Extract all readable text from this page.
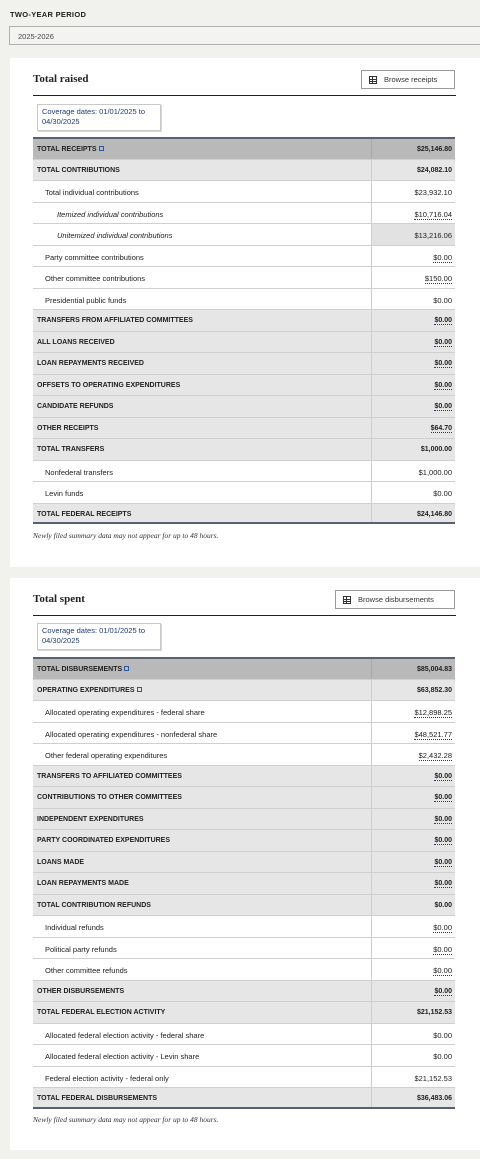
TWO-YEAR PERIOD
2025-2026
Total raised	Browse receipts
Coverage dates: 01/01/2025 to 04/30/2025
TOTAL RECEIPTS	$25,146.80
TOTAL CONTRIBUTIONS	$24,082.10
Total individual contributions	$23,932.10
Itemized individual contributions	$10,716.04
Unitemized individual contributions	$13,216.06
Party committee contributions	$0.00
Other committee contributions	$150.00
Presidential public funds	$0.00
TRANSFERS FROM AFFILIATED COMMITTEES	$0.00
ALL LOANS RECEIVED	$0.00
LOAN REPAYMENTS RECEIVED	$0.00
OFFSETS TO OPERATING EXPENDITURES	$0.00
CANDIDATE REFUNDS	$0.00
OTHER RECEIPTS	$64.70
TOTAL TRANSFERS	$1,000.00
Nonfederal transfers	$1,000.00
Levin funds	$0.00
TOTAL FEDERAL RECEIPTS	$24,146.80
Newly filed summary data may not appear for up to 48 hours.
Total spent	Browse disbursements
Coverage dates: 01/01/2025 to 04/30/2025
TOTAL DISBURSEMENTS	$85,004.83
OPERATING EXPENDITURES	$63,852.30
Allocated operating expenditures - federal share	$12,898.25
Allocated operating expenditures - nonfederal share	$48,521.77
Other federal operating expenditures	$2,432.28
TRANSFERS TO AFFILIATED COMMITTEES	$0.00
CONTRIBUTIONS TO OTHER COMMITTEES	$0.00
INDEPENDENT EXPENDITURES	$0.00
PARTY COORDINATED EXPENDITURES	$0.00
LOANS MADE	$0.00
LOAN REPAYMENTS MADE	$0.00
TOTAL CONTRIBUTION REFUNDS	$0.00
Individual refunds	$0.00
Political party refunds	$0.00
Other committee refunds	$0.00
OTHER DISBURSEMENTS	$0.00
TOTAL FEDERAL ELECTION ACTIVITY	$21,152.53
Allocated federal election activity - federal share	$0.00
Allocated federal election activity - Levin share	$0.00
Federal election activity - federal only	$21,152.53
TOTAL FEDERAL DISBURSEMENTS	$36,483.06
Newly filed summary data may not appear for up to 48 hours.
